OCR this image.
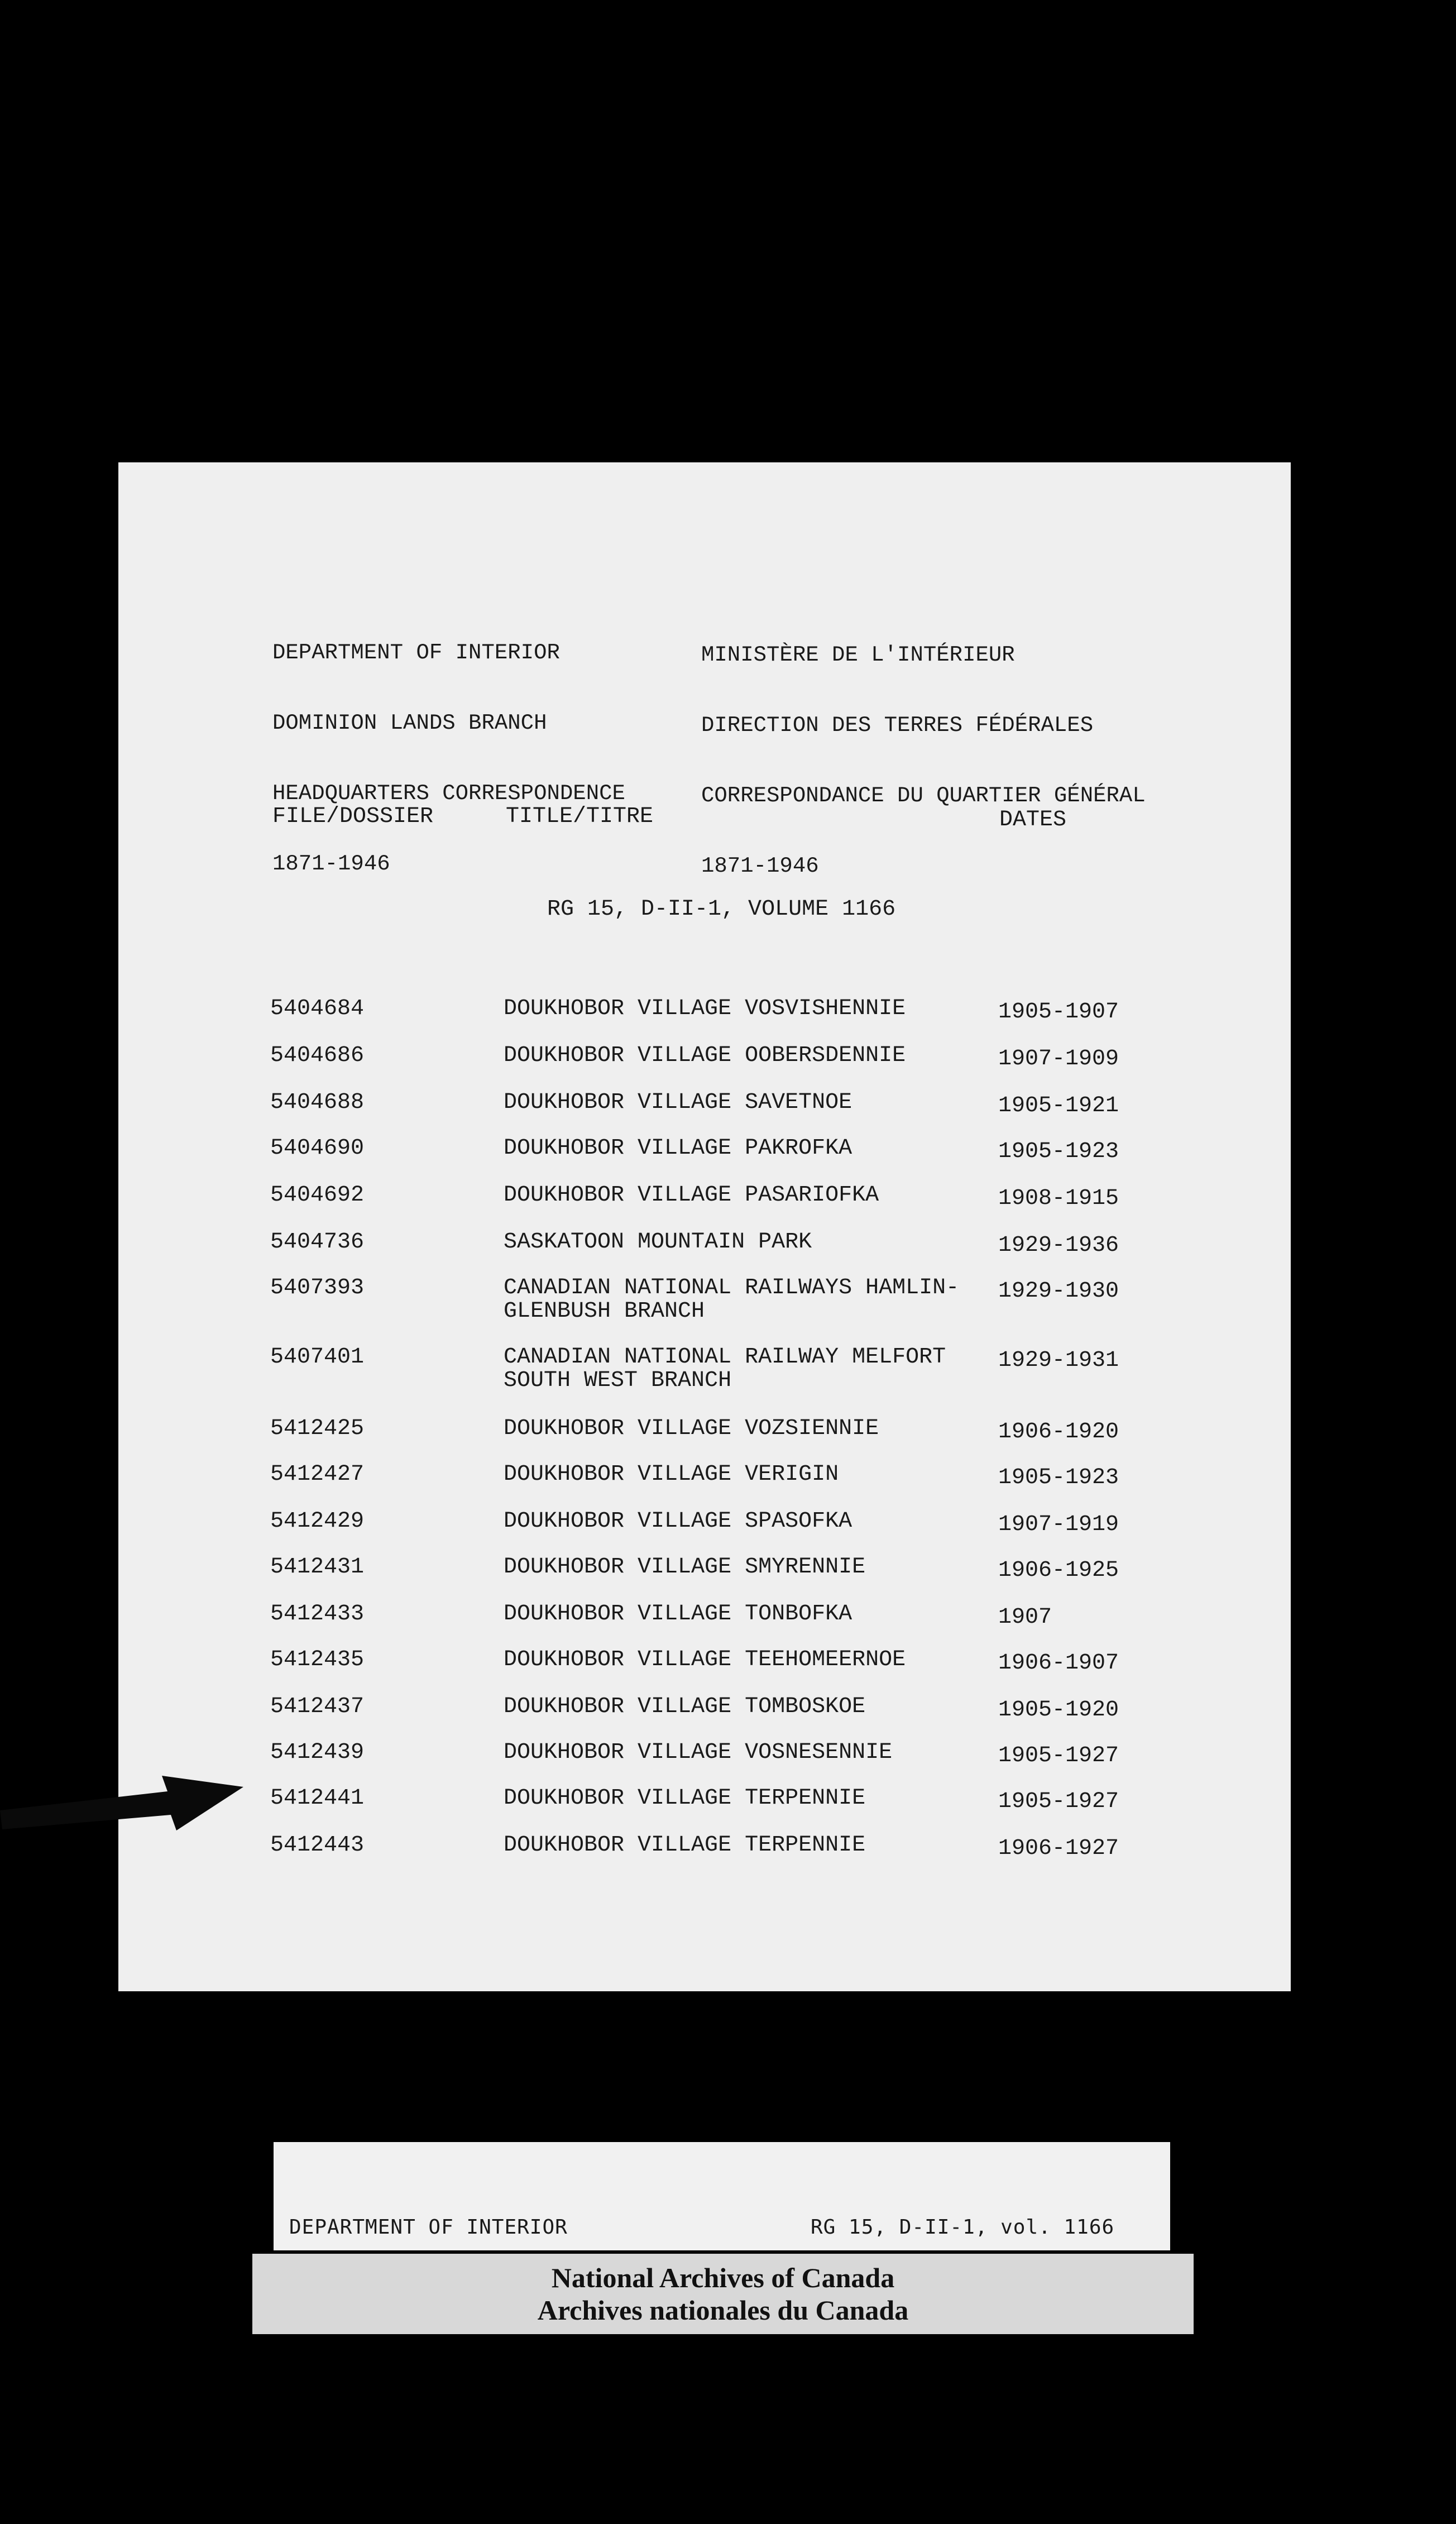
DEPARTMENT OF INTERIOR

DOMINION LANDS BRANCH

HEADQUARTERS CORRESPONDENCE

1871-1946

MINISTÈRE DE L'INTÉRIEUR

DIRECTION DES TERRES FÉDÉRALES

CORRESPONDANCE DU QUARTIER GÉNÉRAL

1871-1946

FILE/DOSSIER	TITLE/TITRE	DATES
RG 15, D-II-1, VOLUME 1166
5404684	DOUKHOBOR VILLAGE VOSVISHENNIE	1905-1907
5404686	DOUKHOBOR VILLAGE OOBERSDENNIE	1907-1909
5404688	DOUKHOBOR VILLAGE SAVETNOE	1905-1921
5404690	DOUKHOBOR VILLAGE PAKROFKA	1905-1923
5404692	DOUKHOBOR VILLAGE PASARIOFKA	1908-1915
5404736	SASKATOON MOUNTAIN PARK	1929-1936
5407393	CANADIAN NATIONAL RAILWAYS HAMLIN-GLENBUSH BRANCH
1929-1930
5407401	CANADIAN NATIONAL RAILWAY MELFORT SOUTH WEST BRANCH
1929-1931
5412425	DOUKHOBOR VILLAGE VOZSIENNIE	1906-1920
5412427	DOUKHOBOR VILLAGE VERIGIN	1905-1923
5412429	DOUKHOBOR VILLAGE SPASOFKA	1907-1919
5412431	DOUKHOBOR VILLAGE SMYRENNIE	1906-1925
5412433	DOUKHOBOR VILLAGE TONBOFKA	1907
5412435	DOUKHOBOR VILLAGE TEEHOMEERNOE	1906-1907
5412437	DOUKHOBOR VILLAGE TOMBOSKOE	1905-1920
5412439	DOUKHOBOR VILLAGE VOSNESENNIE	1905-1927
5412441	DOUKHOBOR VILLAGE TERPENNIE	1905-1927
5412443	DOUKHOBOR VILLAGE TERPENNIE	1906-1927

DEPARTMENT OF INTERIOR

	RG 15, D-II-1, vol. 1166

National Archives of Canada
Archives nationales du Canada
